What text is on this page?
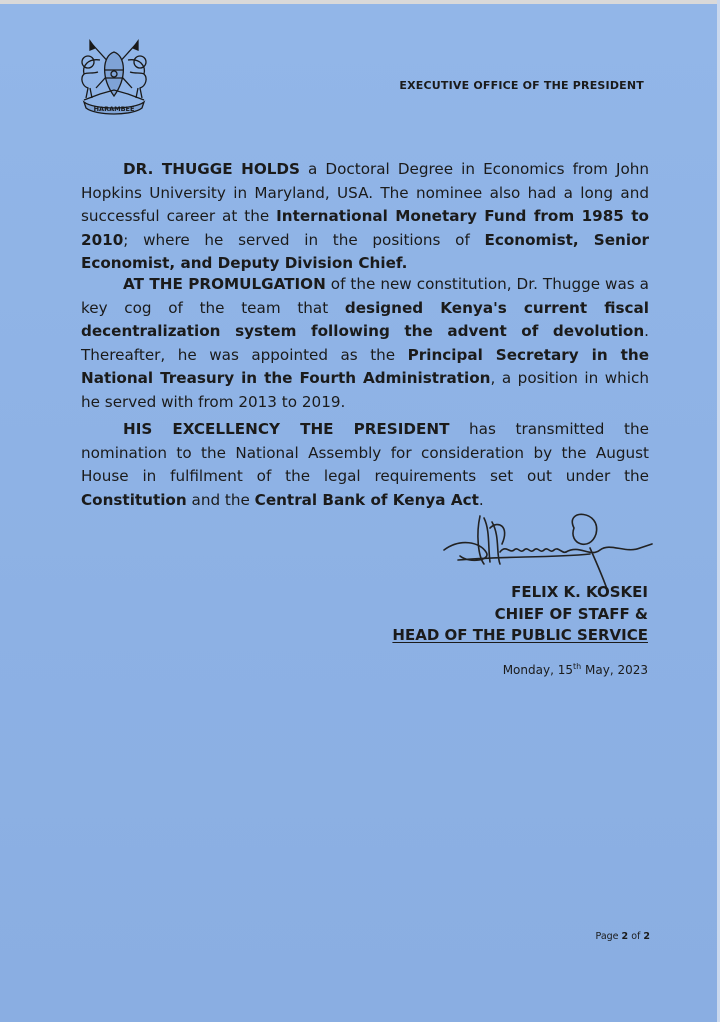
HARAMBEE
EXECUTIVE OFFICE OF THE PRESIDENT

DR. THUGGE HOLDS a Doctoral Degree in Economics from John Hopkins University in Maryland, USA. The nominee also had a long and successful career at the International Monetary Fund from 1985 to 2010; where he served in the positions of Economist, Senior Economist, and Deputy Division Chief.

AT THE PROMULGATION of the new constitution, Dr. Thugge was a key cog of the team that designed Kenya's current fiscal decentralization system following the advent of devolution. Thereafter, he was appointed as the Principal Secretary in the National Treasury in the Fourth Administration, a position in which he served with from 2013 to 2019.

HIS EXCELLENCY THE PRESIDENT has transmitted the nomination to the National Assembly for consideration by the August House in fulfilment of the legal requirements set out under the Constitution and the Central Bank of Kenya Act.

FELIX K. KOSKEI
CHIEF OF STAFF &
HEAD OF THE PUBLIC SERVICE
Monday, 15th May, 2023
Page 2 of 2
